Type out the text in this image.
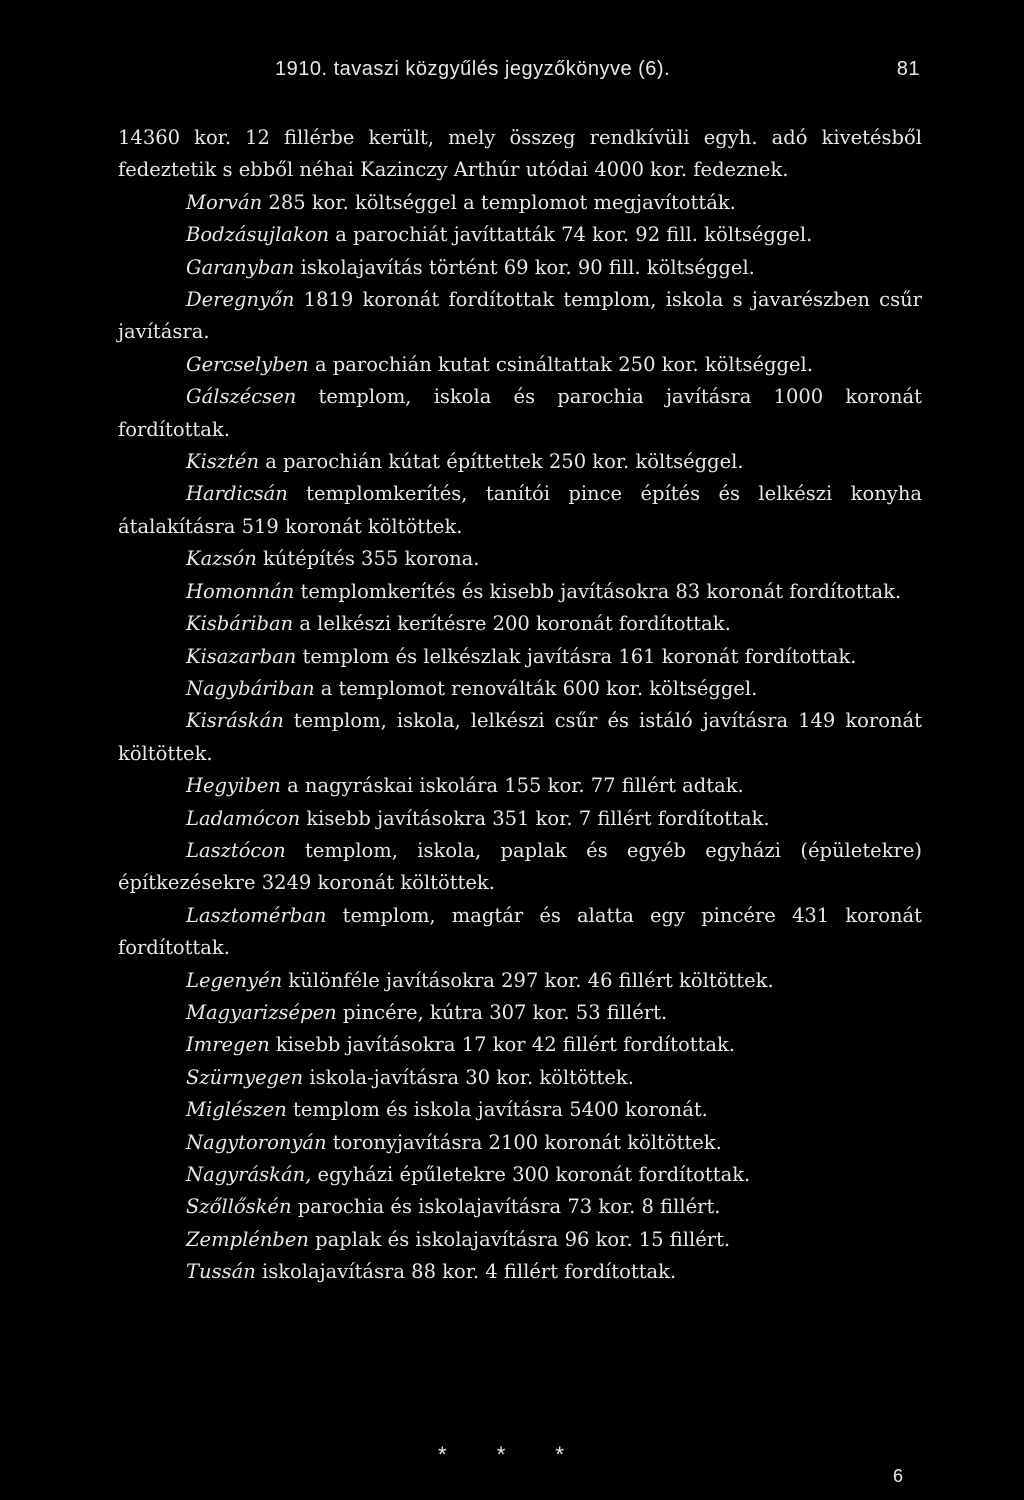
1910. tavaszi közgyűlés jegyzőkönyve (6).	81
14360 kor. 12 fillérbe került, mely összeg rendkívüli egyh. adó kivetésből fedeztetik s ebből néhai Kazinczy Arthúr utódai 4000 kor. fedeznek.
Morván 285 kor. költséggel a templomot megjavították.
Bodzásujlakon a parochiát javíttatták 74 kor. 92 fill. költséggel.
Garanyban iskolajavítás történt 69 kor. 90 fill. költséggel.
Deregnyőn 1819 koronát fordítottak templom, iskola s javarészben csűr javításra.
Gercselyben a parochián kutat csináltattak 250 kor. költséggel.
Gálszécsen templom, iskola és parochia javításra 1000 koronát fordítottak.
Kisztén a parochián kútat építtettek 250 kor. költséggel.
Hardicsán templomkerítés, tanítói pince építés és lelkészi konyha átalakításra 519 koronát költöttek.
Kazsón kútépítés 355 korona.
Homonnán templomkerítés és kisebb javításokra 83 koronát fordítottak.
Kisbáriban a lelkészi kerítésre 200 koronát fordítottak.
Kisazarban templom és lelkészlak javításra 161 koronát fordítottak.
Nagybáriban a templomot renoválták 600 kor. költséggel.
Kisráskán templom, iskola, lelkészi csűr és istáló javításra 149 koronát költöttek.
Hegyiben a nagyráskai iskolára 155 kor. 77 fillért adtak.
Ladamócon kisebb javításokra 351 kor. 7 fillért fordítottak.
Lasztócon templom, iskola, paplak és egyéb egyházi (épületekre) építkezésekre 3249 koronát költöttek.
Lasztomérban templom, magtár és alatta egy pincére 431 koronát fordítottak.
Legenyén különféle javításokra 297 kor. 46 fillért költöttek.
Magyarizsépen pincére, kútra 307 kor. 53 fillért.
Imregen kisebb javításokra 17 kor 42 fillért fordítottak.
Szürnyegen iskola-javításra 30 kor. költöttek.
Miglészen templom és iskola javításra 5400 koronát.
Nagytoronyán toronyjavításra 2100 koronát költöttek.
Nagyráskán, egyházi épűletekre 300 koronát fordítottak.
Szőllőskén parochia és iskolajavításra 73 kor. 8 fillért.
Zemplénben paplak és iskolajavításra 96 kor. 15 fillért.
Tussán iskolajavításra 88 kor. 4 fillért fordítottak.
* * *
6
